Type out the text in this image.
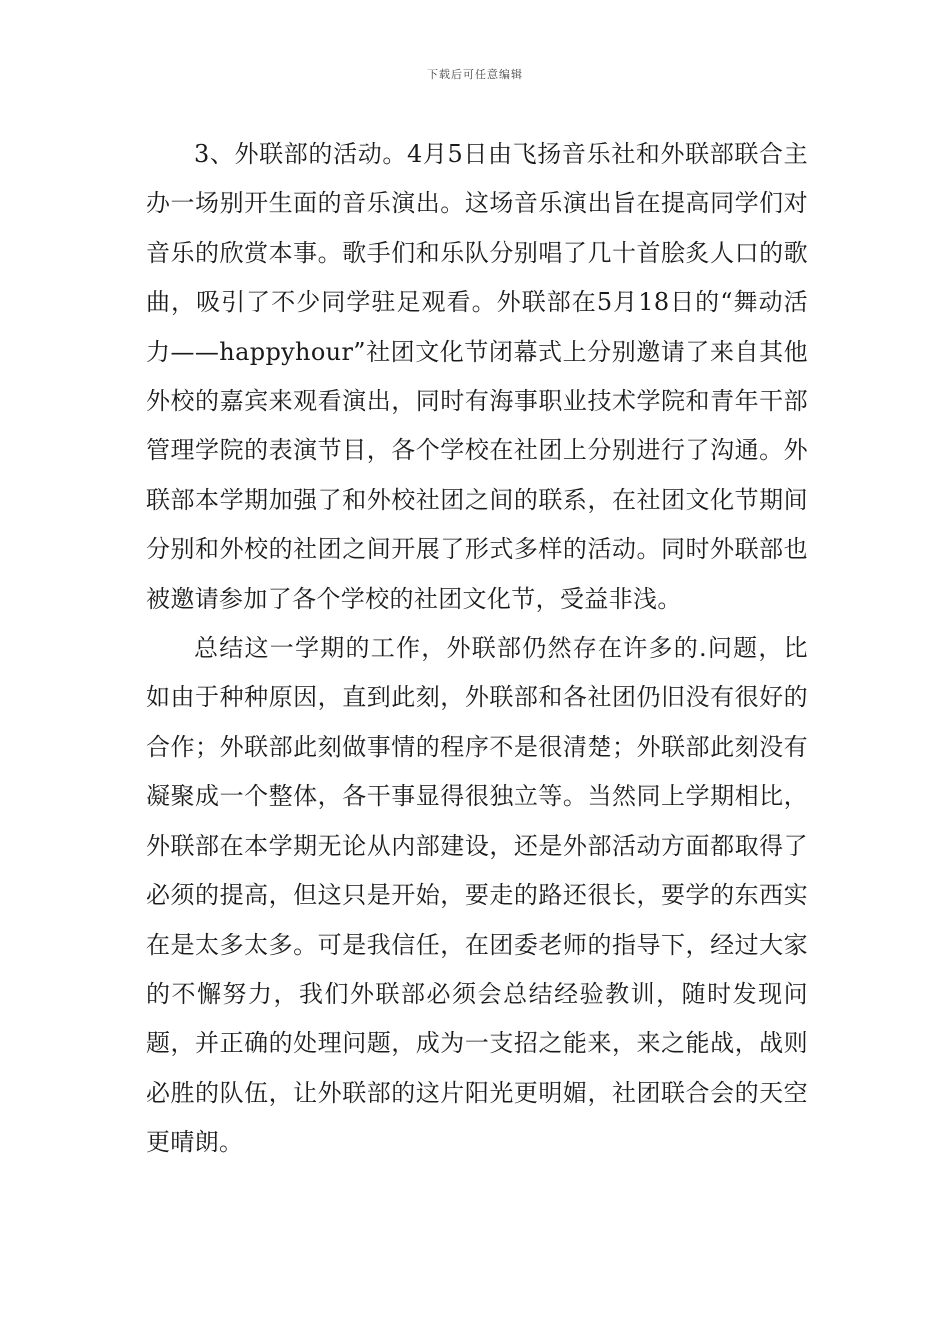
下载后可任意编辑

3、外联部的活动。4月5日由飞扬音乐社和外联部联合主办一场别开生面的音乐演出。这场音乐演出旨在提高同学们对音乐的欣赏本事。歌手们和乐队分别唱了几十首脍炙人口的歌曲，吸引了不少同学驻足观看。外联部在5月18日的“舞动活力——happyhour”社团文化节闭幕式上分别邀请了来自其他外校的嘉宾来观看演出，同时有海事职业技术学院和青年干部管理学院的表演节目，各个学校在社团上分别进行了沟通。外联部本学期加强了和外校社团之间的联系，在社团文化节期间分别和外校的社团之间开展了形式多样的活动。同时外联部也被邀请参加了各个学校的社团文化节，受益非浅。

总结这一学期的工作，外联部仍然存在许多的.问题，比如由于种种原因，直到此刻，外联部和各社团仍旧没有很好的合作；外联部此刻做事情的程序不是很清楚；外联部此刻没有凝聚成一个整体，各干事显得很独立等。当然同上学期相比，外联部在本学期无论从内部建设，还是外部活动方面都取得了必须的提高，但这只是开始，要走的路还很长，要学的东西实在是太多太多。可是我信任，在团委老师的指导下，经过大家的不懈努力，我们外联部必须会总结经验教训，随时发现问题，并正确的处理问题，成为一支招之能来，来之能战，战则必胜的队伍，让外联部的这片阳光更明媚，社团联合会的天空更晴朗。
